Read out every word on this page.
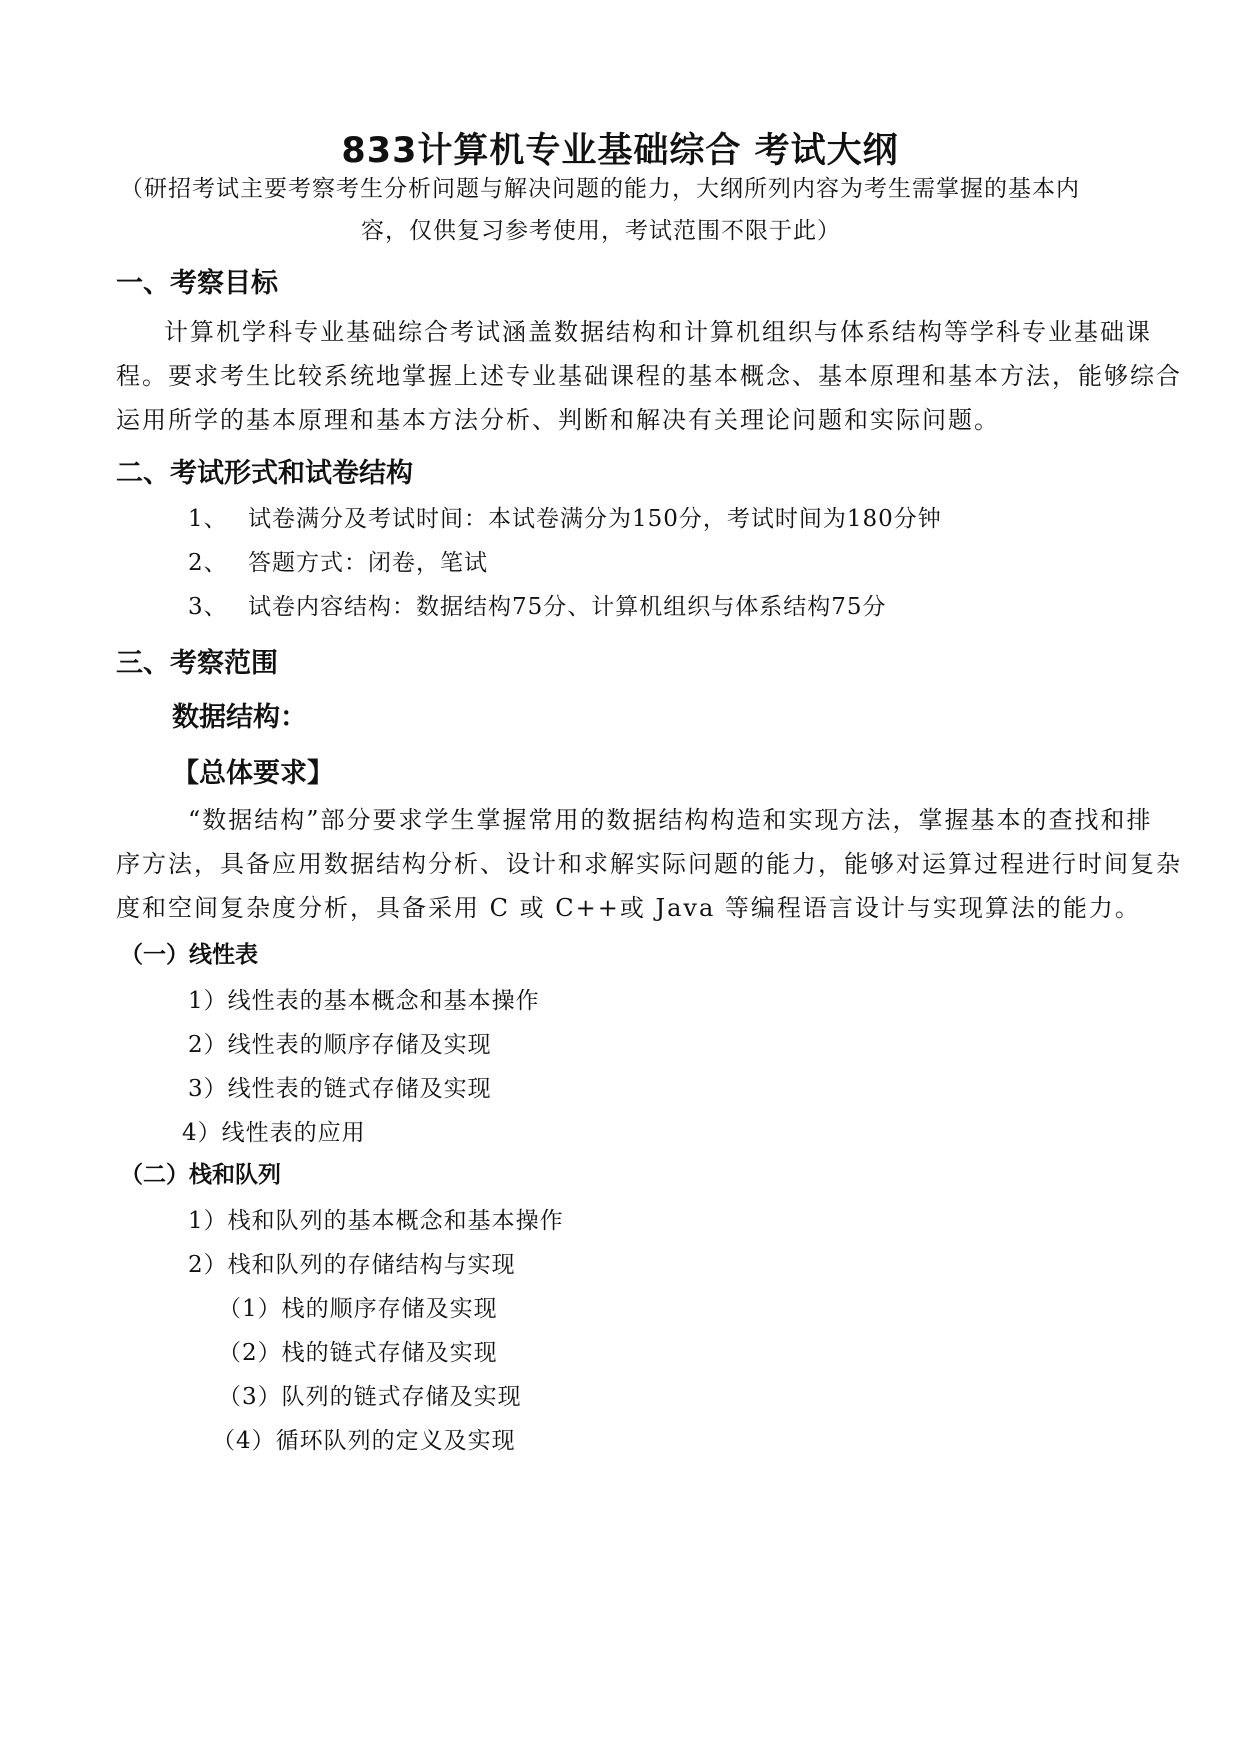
833计算机专业基础综合 考试大纲
（研招考试主要考察考生分析问题与解决问题的能力，大纲所列内容为考生需掌握的基本内
容，仅供复习参考使用，考试范围不限于此）
一、考察目标
计算机学科专业基础综合考试涵盖数据结构和计算机组织与体系结构等学科专业基础课
程。要求考生比较系统地掌握上述专业基础课程的基本概念、基本原理和基本方法，能够综合
运用所学的基本原理和基本方法分析、判断和解决有关理论问题和实际问题。
二、考试形式和试卷结构
1、 试卷满分及考试时间：本试卷满分为150分，考试时间为180分钟
2、 答题方式：闭卷，笔试
3、 试卷内容结构：数据结构75分、计算机组织与体系结构75分
三、考察范围
数据结构：
【总体要求】
“数据结构”部分要求学生掌握常用的数据结构构造和实现方法，掌握基本的查找和排
序方法，具备应用数据结构分析、设计和求解实际问题的能力，能够对运算过程进行时间复杂
度和空间复杂度分析，具备采用 C 或 C++或 Java 等编程语言设计与实现算法的能力。
（一）线性表
1）线性表的基本概念和基本操作
2）线性表的顺序存储及实现
3）线性表的链式存储及实现
4）线性表的应用
（二）栈和队列
1）栈和队列的基本概念和基本操作
2）栈和队列的存储结构与实现
（1）栈的顺序存储及实现
（2）栈的链式存储及实现
（3）队列的链式存储及实现
（4）循环队列的定义及实现
